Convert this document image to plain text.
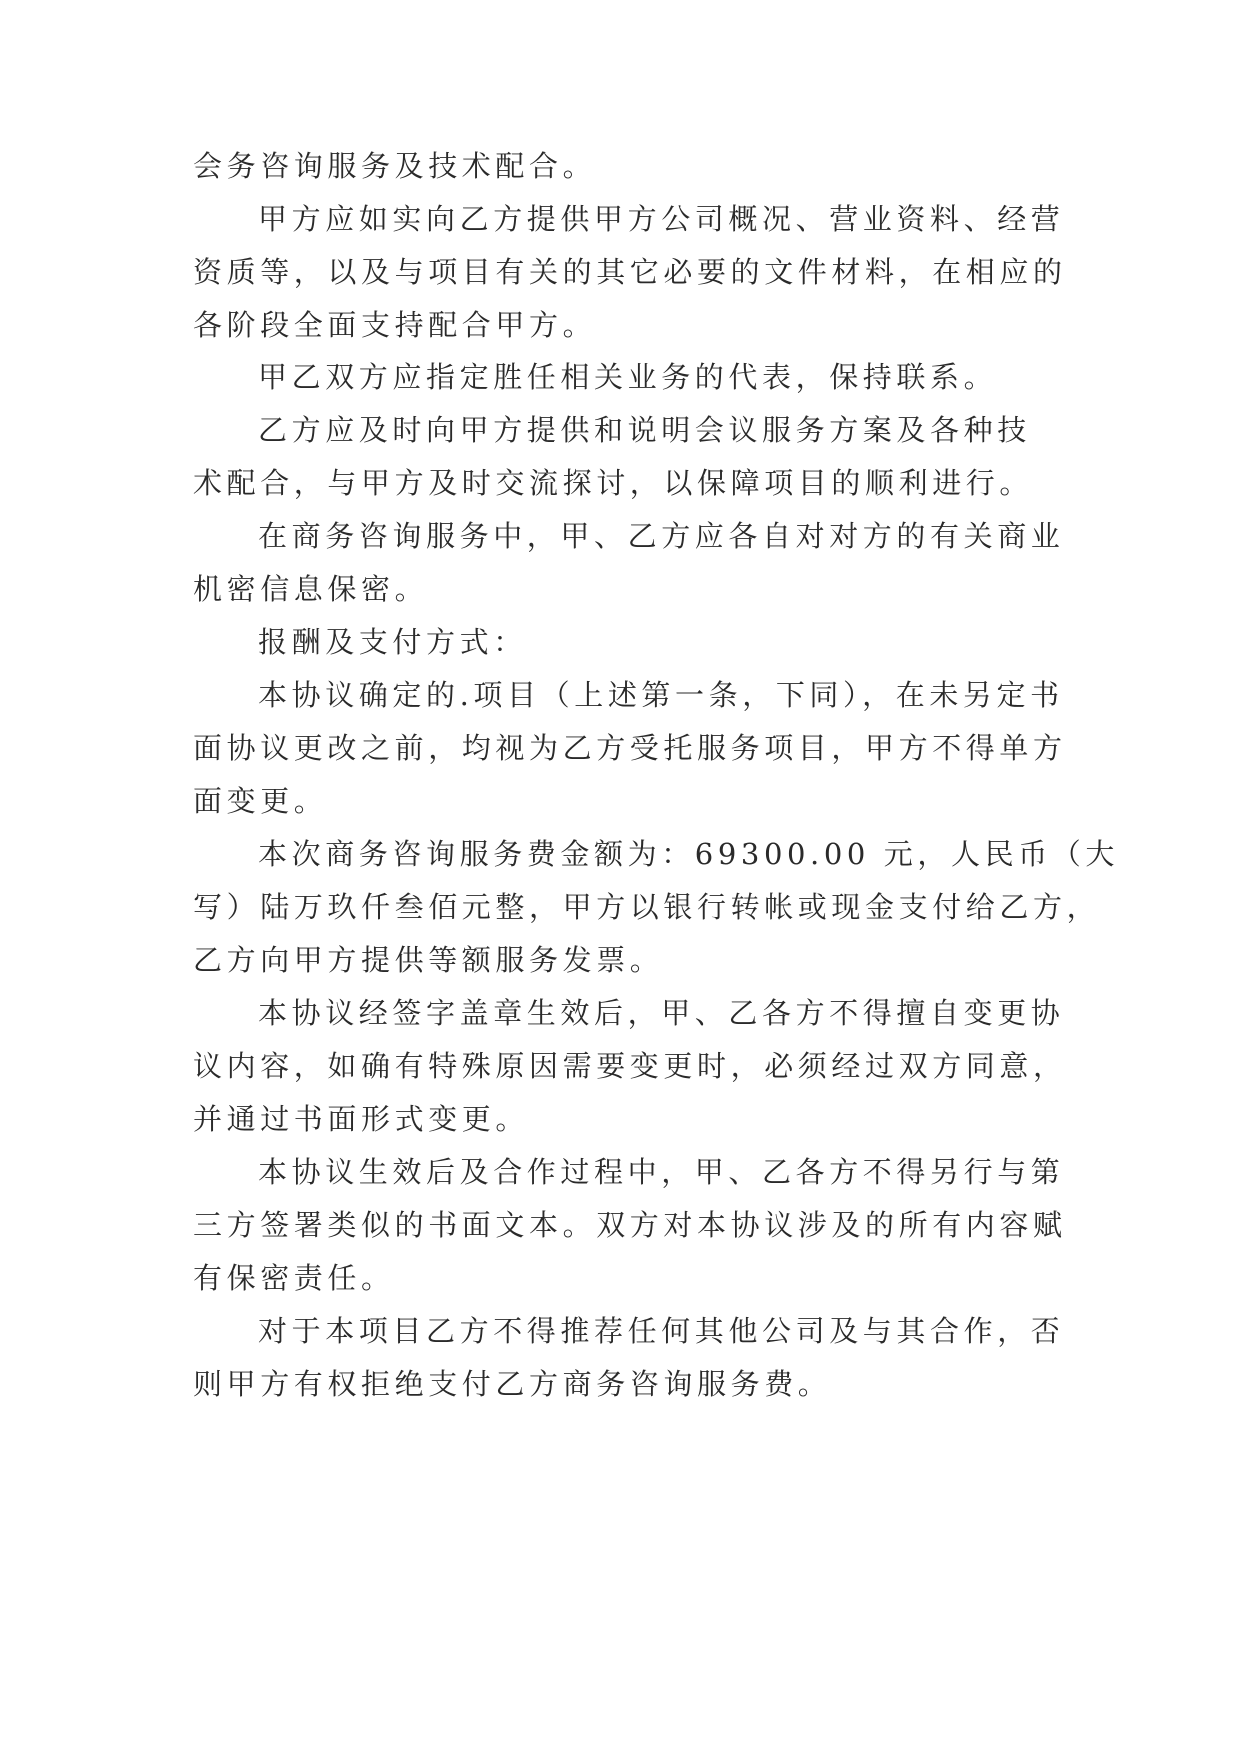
会务咨询服务及技术配合。
甲方应如实向乙方提供甲方公司概况、营业资料、经营
资质等，以及与项目有关的其它必要的文件材料，在相应的
各阶段全面支持配合甲方。
甲乙双方应指定胜任相关业务的代表，保持联系。
乙方应及时向甲方提供和说明会议服务方案及各种技
术配合，与甲方及时交流探讨，以保障项目的顺利进行。
在商务咨询服务中，甲、乙方应各自对对方的有关商业
机密信息保密。
报酬及支付方式：
本协议确定的.项目（上述第一条，下同），在未另定书
面协议更改之前，均视为乙方受托服务项目，甲方不得单方
面变更。
本次商务咨询服务费金额为：69300.00 元，人民币（大
写）陆万玖仟叁佰元整，甲方以银行转帐或现金支付给乙方，
乙方向甲方提供等额服务发票。
本协议经签字盖章生效后，甲、乙各方不得擅自变更协
议内容，如确有特殊原因需要变更时，必须经过双方同意，
并通过书面形式变更。
本协议生效后及合作过程中，甲、乙各方不得另行与第
三方签署类似的书面文本。双方对本协议涉及的所有内容赋
有保密责任。
对于本项目乙方不得推荐任何其他公司及与其合作，否
则甲方有权拒绝支付乙方商务咨询服务费。
